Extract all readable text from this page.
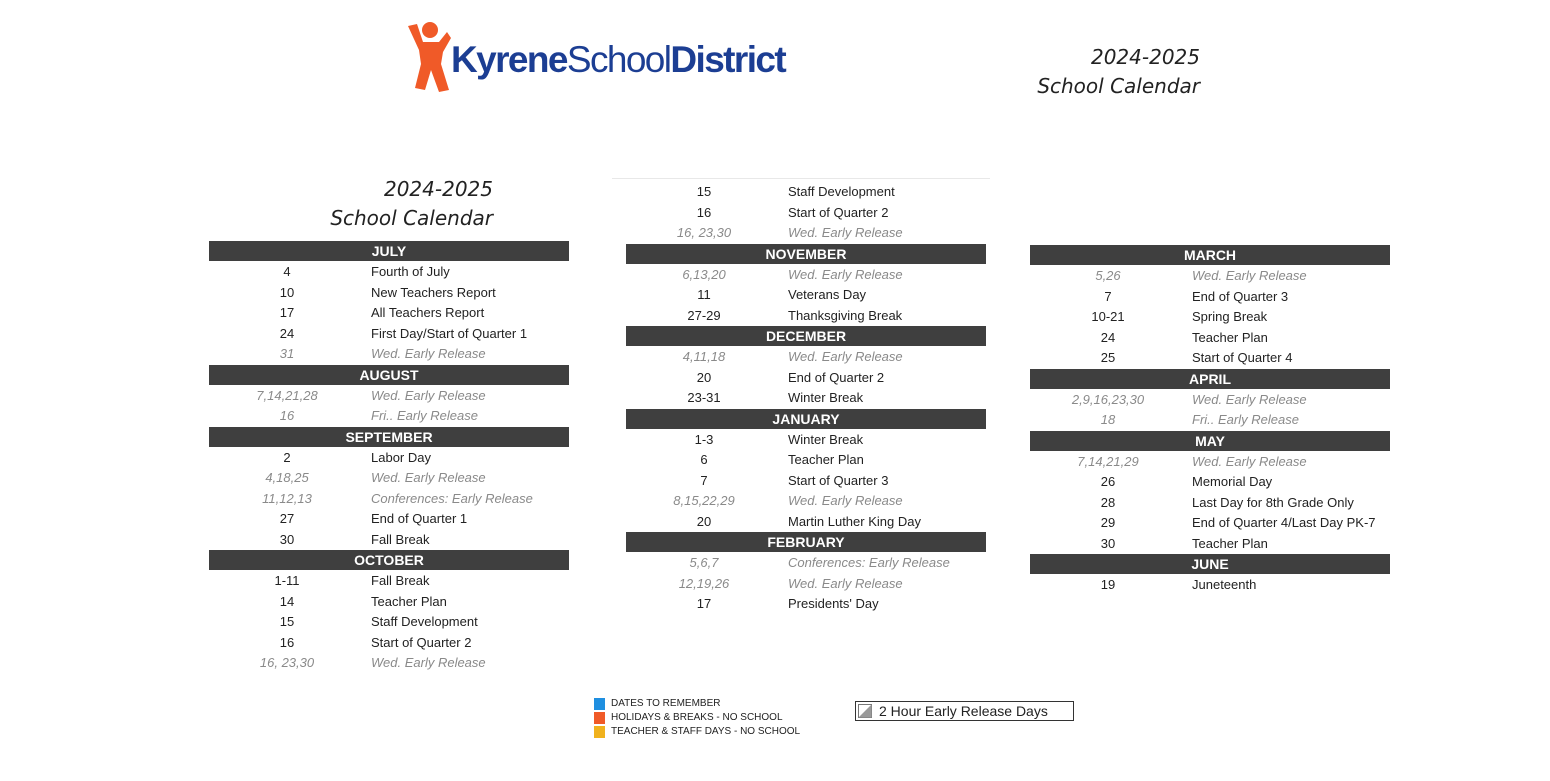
KyreneSchoolDistrict	2024-2025
School Calendar
2024-2025
School Calendar
JULY
4	Fourth of July
10	New Teachers Report
17	All Teachers Report
24	First Day/Start of Quarter 1
31	Wed. Early Release
AUGUST
7,14,21,28	Wed. Early Release
16	Fri.. Early Release
SEPTEMBER
2	Labor Day
4,18,25	Wed. Early Release
11,12,13	Conferences: Early Release
27	End of Quarter 1
30	Fall Break
OCTOBER
1-11	Fall Break
14	Teacher Plan
15	Staff Development
16	Start of Quarter 2
16, 23,30	Wed. Early Release
15	Staff Development
16	Start of Quarter 2
16, 23,30	Wed. Early Release
NOVEMBER
6,13,20	Wed. Early Release
11	Veterans Day
27-29	Thanksgiving Break
DECEMBER
4,11,18	Wed. Early Release
20	End of Quarter 2
23-31	Winter Break
JANUARY
1-3	Winter Break
6	Teacher Plan
7	Start of Quarter 3
8,15,22,29	Wed. Early Release
20	Martin Luther King Day
FEBRUARY
5,6,7	Conferences: Early Release
12,19,26	Wed. Early Release
17	Presidents' Day
MARCH
5,26	Wed. Early Release
7	End of Quarter 3
10-21	Spring Break
24	Teacher Plan
25	Start of Quarter 4
APRIL
2,9,16,23,30	Wed. Early Release
18	Fri.. Early Release
MAY
7,14,21,29	Wed. Early Release
26	Memorial Day
28	Last Day for 8th Grade Only
29	End of Quarter 4/Last Day PK-7
30	Teacher Plan
JUNE
19	Juneteenth
DATES TO REMEMBER
HOLIDAYS & BREAKS - NO SCHOOL
TEACHER & STAFF DAYS - NO SCHOOL
2 Hour Early Release Days
